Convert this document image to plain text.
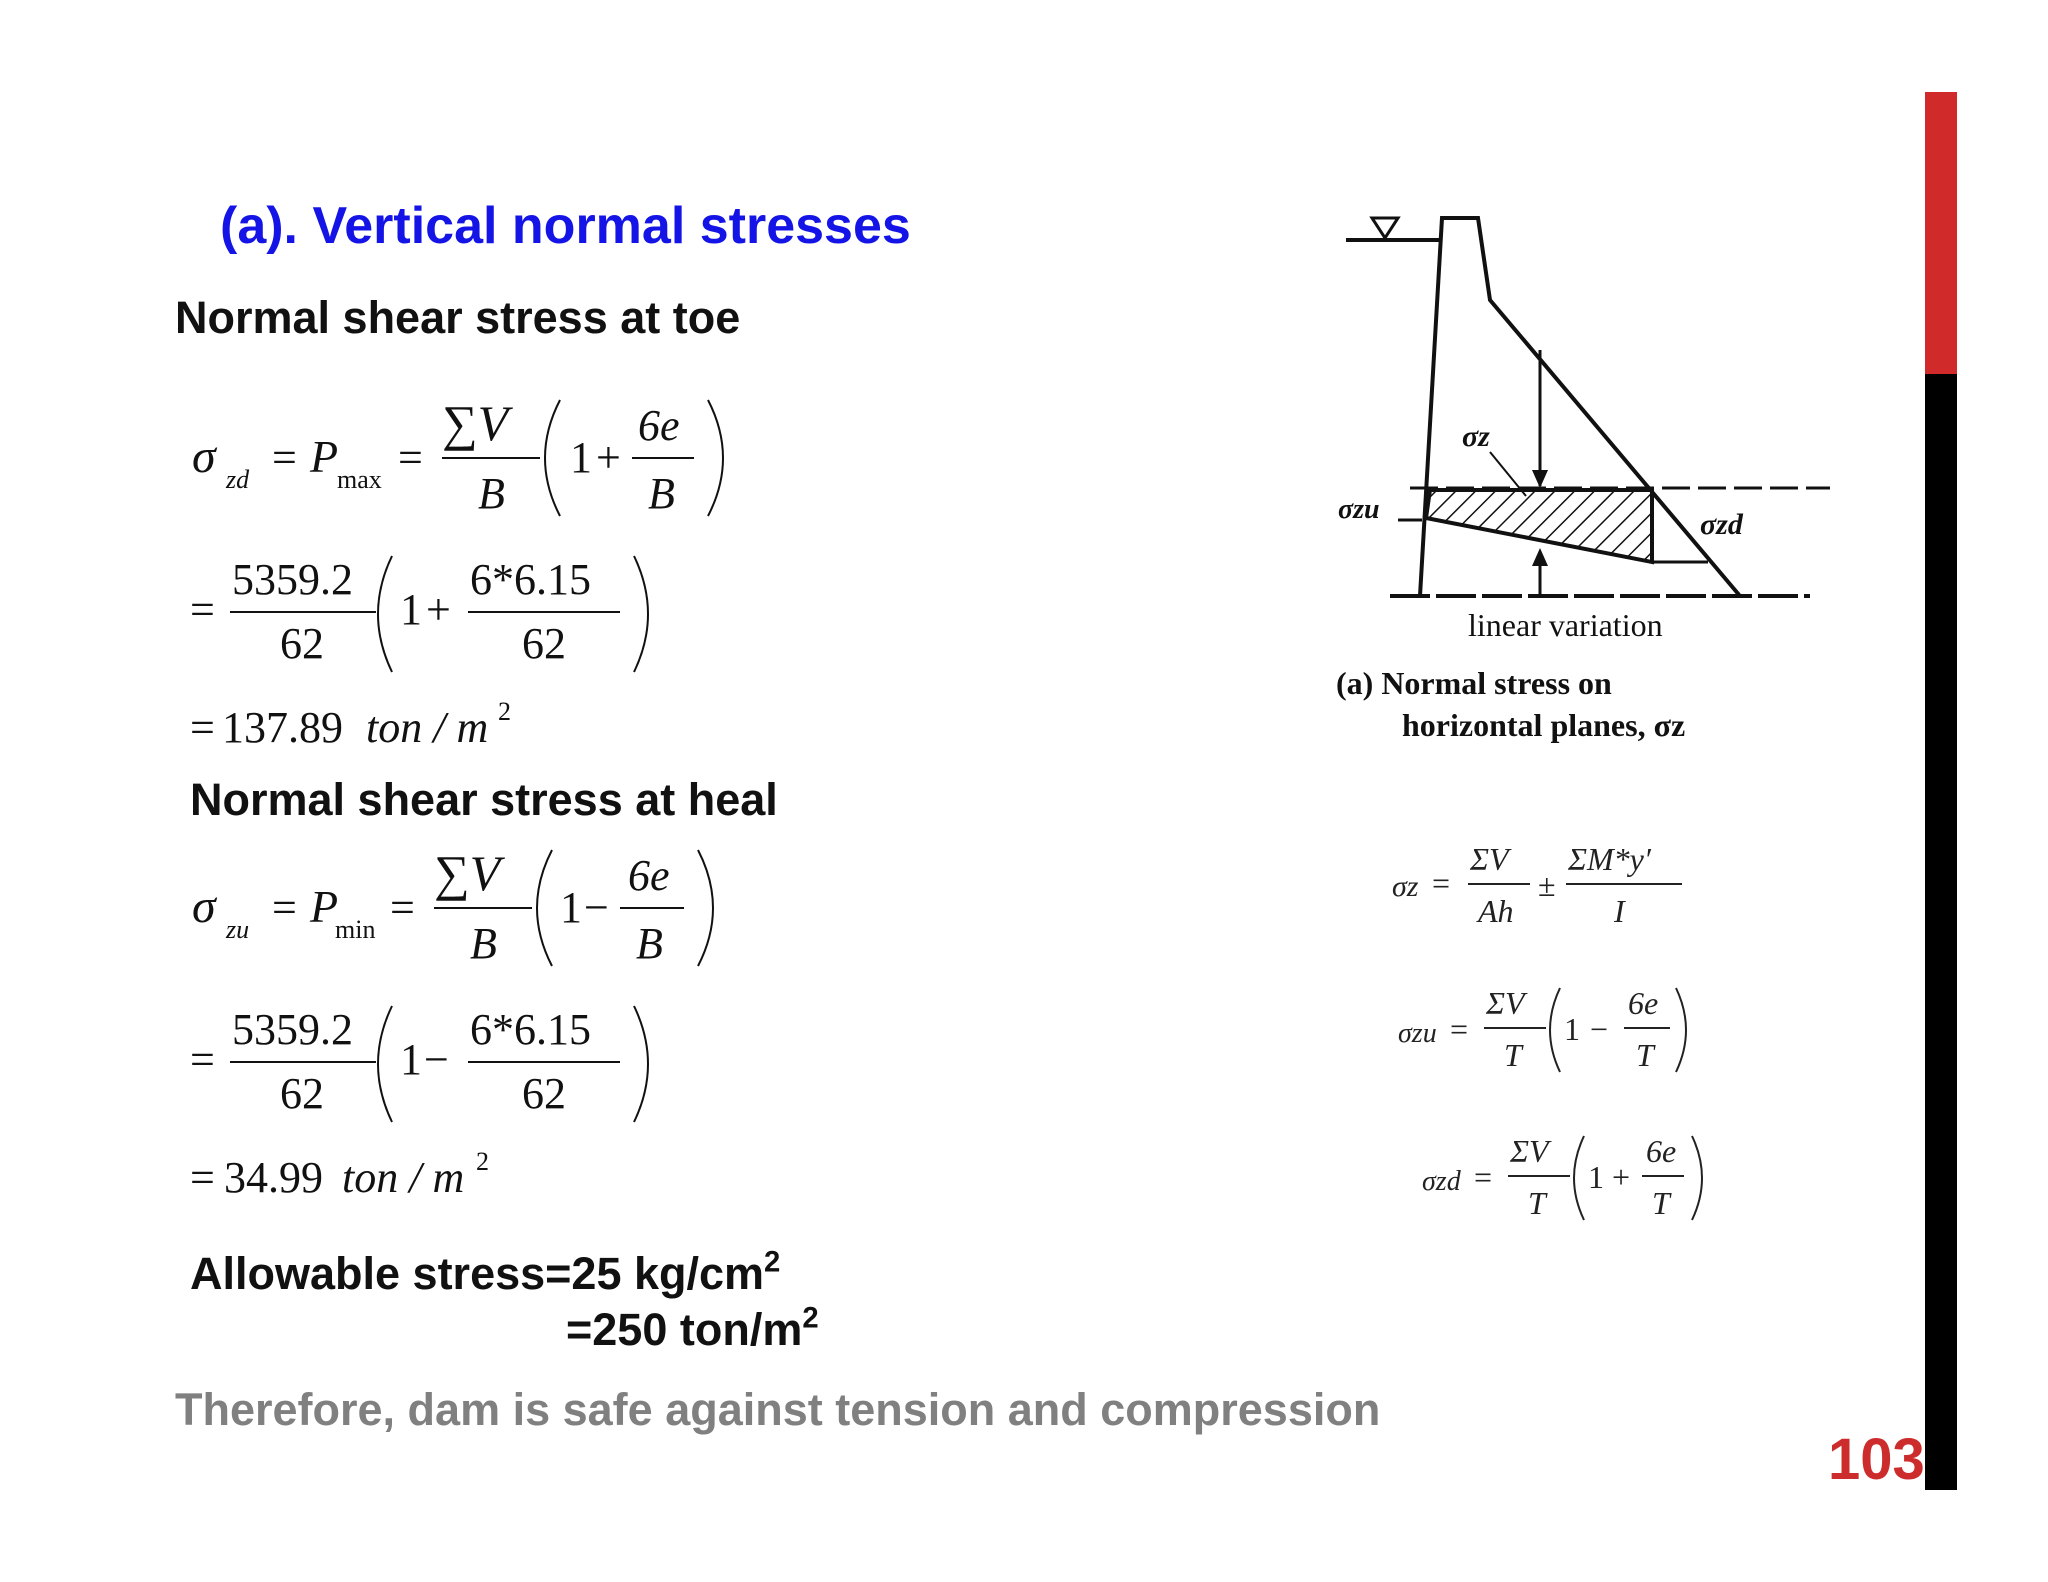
(a). Vertical normal stresses
Normal shear stress at toe
σ zd = P
max =
∑V
B
1 +
6e
B
=
5359.2
62
1 +
6*6.15
62
= 137.89 ton / m 2
Normal shear stress at heal
σ zu = P
min =
∑V
B
1 −
6e
B
=
5359.2
62
1 −
6*6.15
62
= 34.99 ton / m 2
Allowable stress=25 $kg/cm^2$
=250 ton/$m^2$
Therefore, dam is safe against tension and compression
103
σz
σzu	σzd
linear variation
(a) Normal stress on
horizontal planes, σz
σz =
ΣV
Ah
±
ΣM*y′
I
σzu =
ΣV
T
1 −
6e
T
σzd =
ΣV
T
1 +
6e
T
